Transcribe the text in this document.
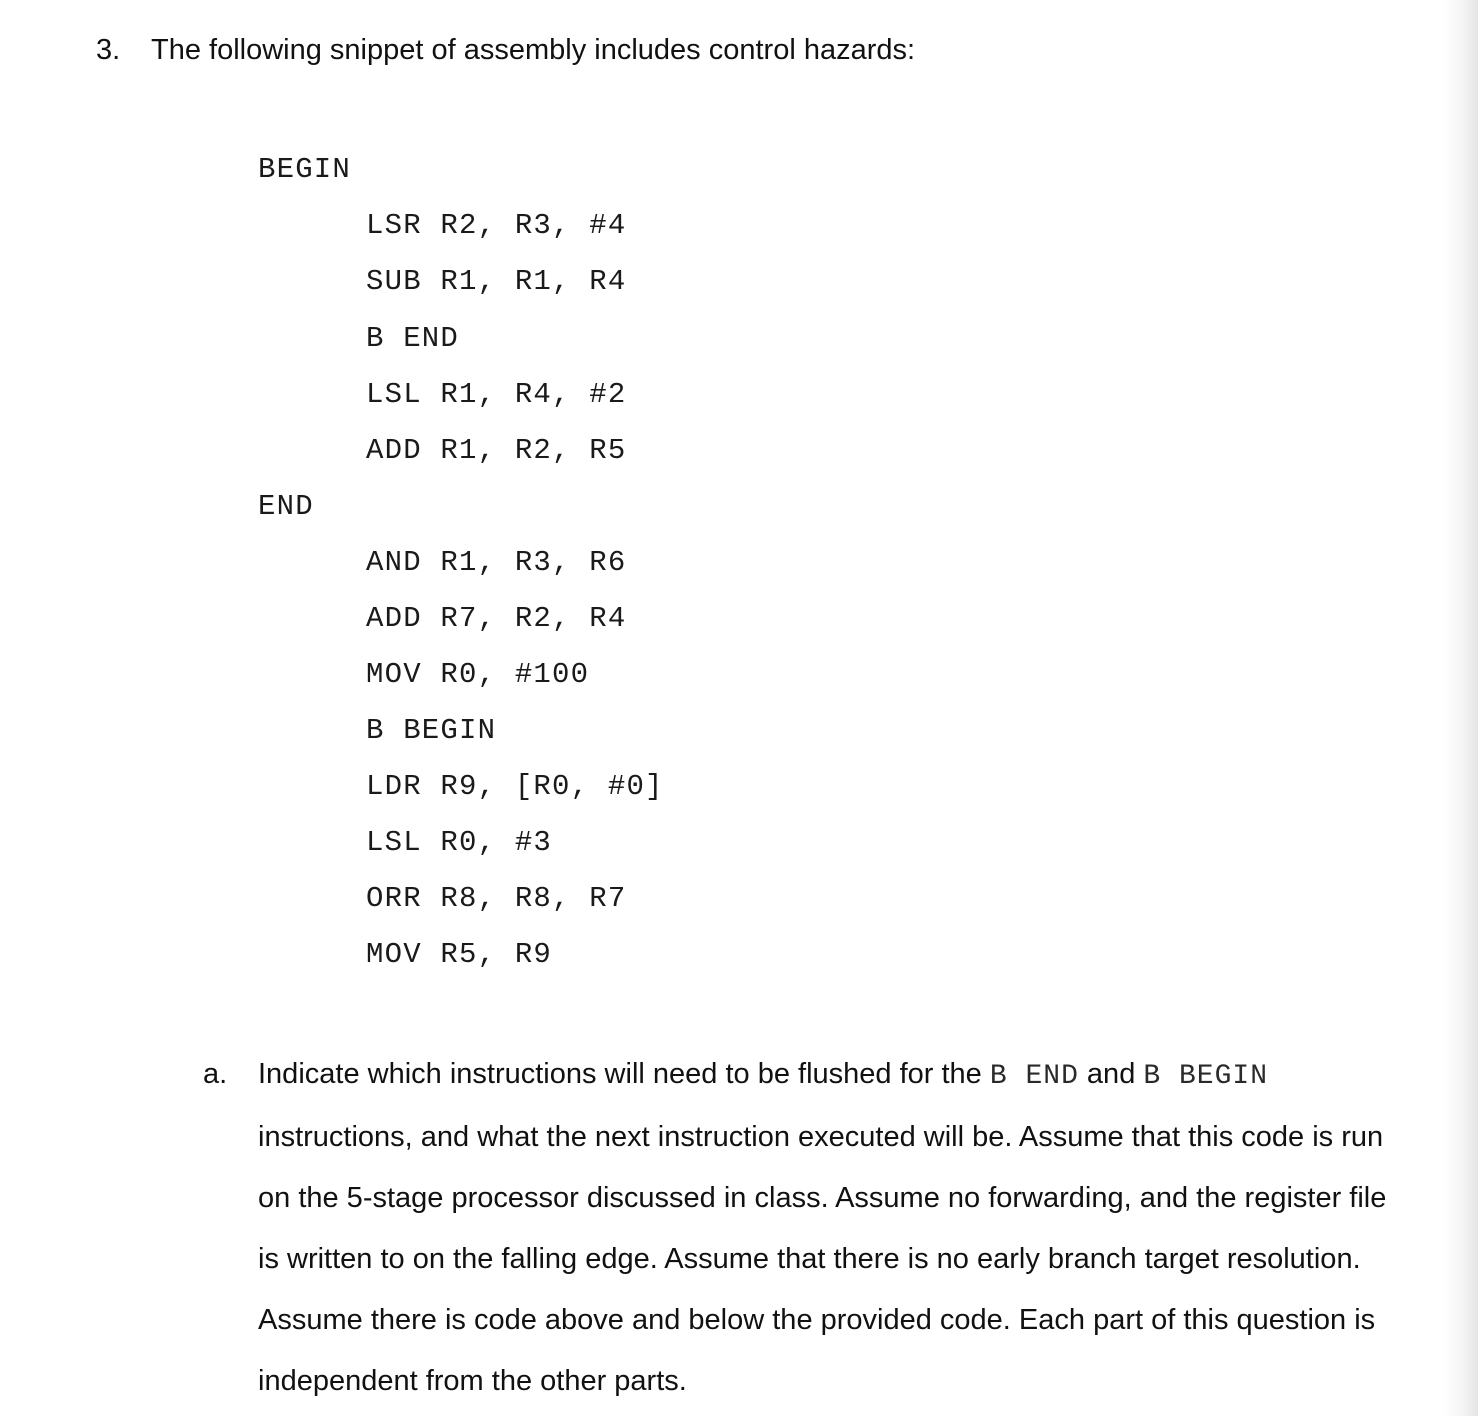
3. The following snippet of assembly includes control hazards:
BEGIN
LSR R2, R3, #4
SUB R1, R1, R4
B END
LSL R1, R4, #2
ADD R1, R2, R5
END
AND R1, R3, R6
ADD R7, R2, R4
MOV R0, #100
B BEGIN
LDR R9, [R0, #0]
LSL R0, #3
ORR R8, R8, R7
MOV R5, R9
a. Indicate which instructions will need to be flushed for the B END and B BEGIN
instructions, and what the next instruction executed will be. Assume that this code is run
on the 5-stage processor discussed in class. Assume no forwarding, and the register file
is written to on the falling edge. Assume that there is no early branch target resolution.
Assume there is code above and below the provided code. Each part of this question is
independent from the other parts.
